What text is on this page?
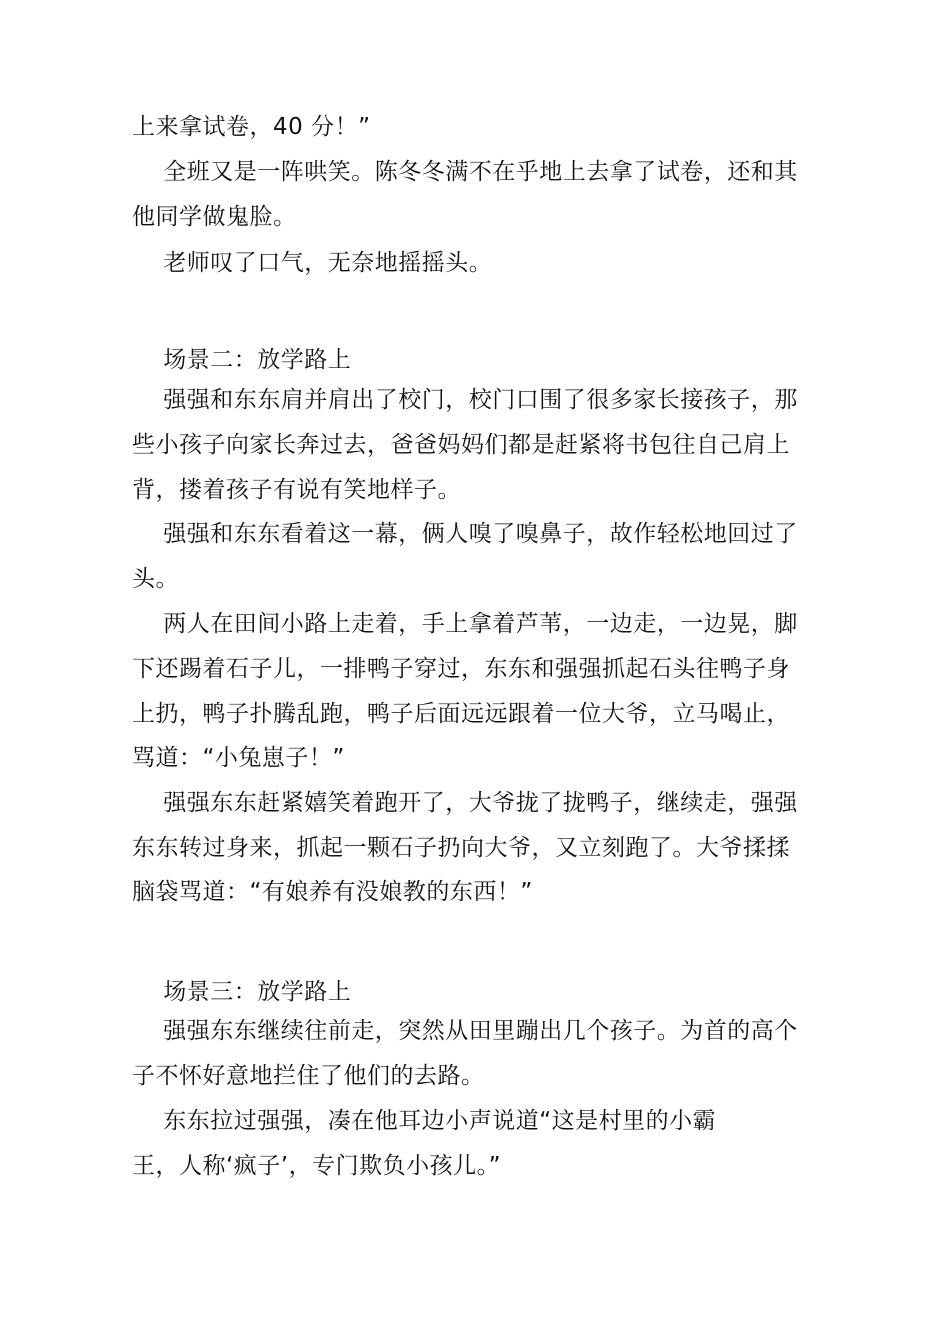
上来拿试卷，40 分！”
全班又是一阵哄笑。陈冬冬满不在乎地上去拿了试卷，还和其
他同学做鬼脸。
老师叹了口气，无奈地摇摇头。
场景二：放学路上
强强和东东肩并肩出了校门，校门口围了很多家长接孩子，那
些小孩子向家长奔过去，爸爸妈妈们都是赶紧将书包往自己肩上
背，搂着孩子有说有笑地样子。
强强和东东看着这一幕，俩人嗅了嗅鼻子，故作轻松地回过了
头。
两人在田间小路上走着，手上拿着芦苇，一边走，一边晃，脚
下还踢着石子儿，一排鸭子穿过，东东和强强抓起石头往鸭子身
上扔，鸭子扑腾乱跑，鸭子后面远远跟着一位大爷，立马喝止，
骂道：“小兔崽子！”
强强东东赶紧嬉笑着跑开了，大爷拢了拢鸭子，继续走，强强
东东转过身来，抓起一颗石子扔向大爷，又立刻跑了。大爷揉揉
脑袋骂道：“有娘养有没娘教的东西！”
场景三：放学路上
强强东东继续往前走，突然从田里蹦出几个孩子。为首的高个
子不怀好意地拦住了他们的去路。
东东拉过强强，凑在他耳边小声说道“这是村里的小霸
王，人称‘疯子’，专门欺负小孩儿。”
